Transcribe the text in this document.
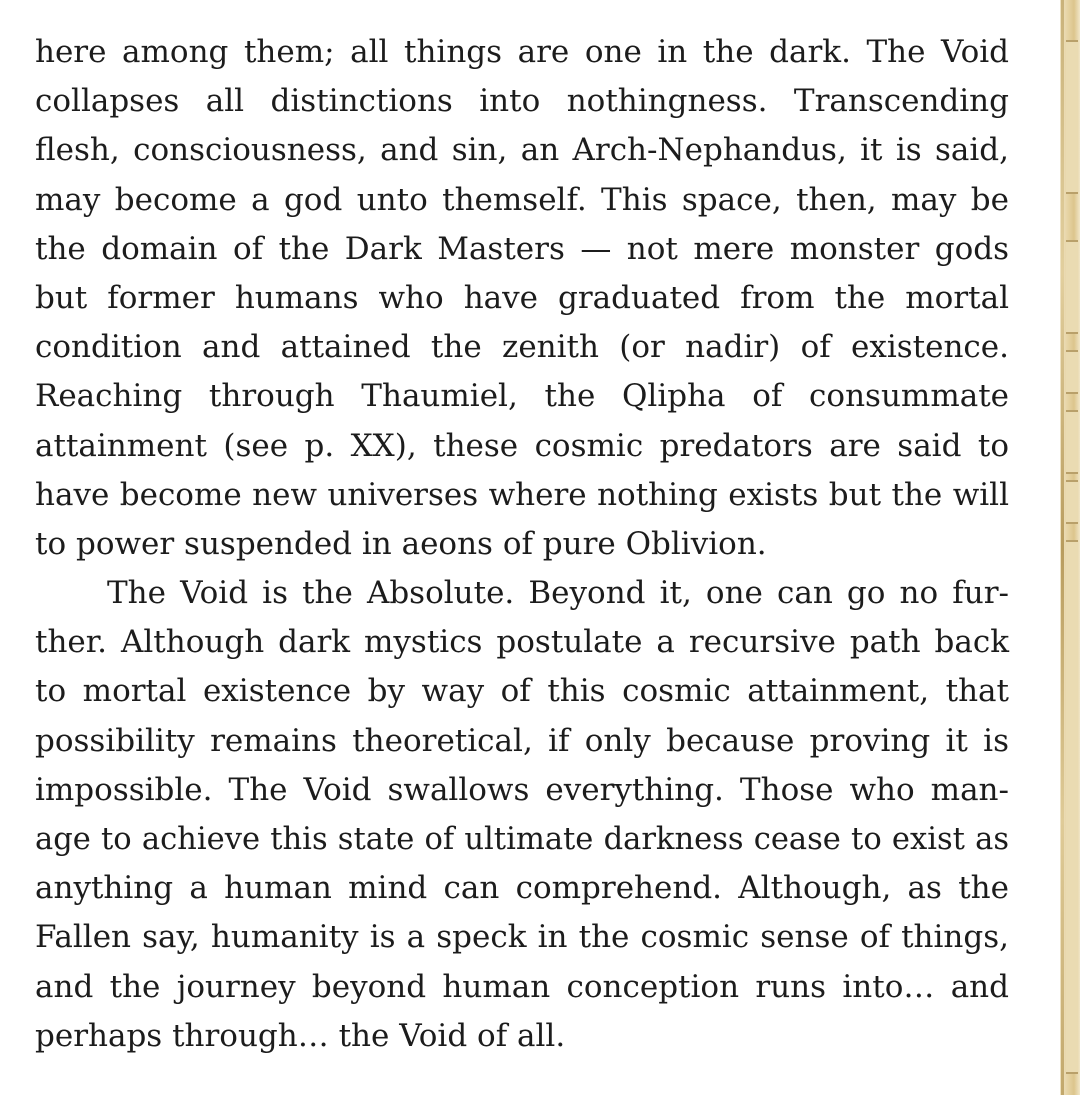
here among them; all things are one in the dark. The Void
collapses all distinctions into nothingness. Transcending
flesh, consciousness, and sin, an Arch-Nephandus, it is said,
may become a god unto themself. This space, then, may be
the domain of the Dark Masters — not mere monster gods
but former humans who have graduated from the mortal
condition and attained the zenith (or nadir) of existence.
Reaching through Thaumiel, the Qlipha of consummate
attainment (see p. XX), these cosmic predators are said to
have become new universes where nothing exists but the will
to power suspended in aeons of pure Oblivion.
The Void is the Absolute. Beyond it, one can go no fur-
ther. Although dark mystics postulate a recursive path back
to mortal existence by way of this cosmic attainment, that
possibility remains theoretical, if only because proving it is
impossible. The Void swallows everything. Those who man-
age to achieve this state of ultimate darkness cease to exist as
anything a human mind can comprehend. Although, as the
Fallen say, humanity is a speck in the cosmic sense of things,
and the journey beyond human conception runs into… and
perhaps through… the Void of all.
